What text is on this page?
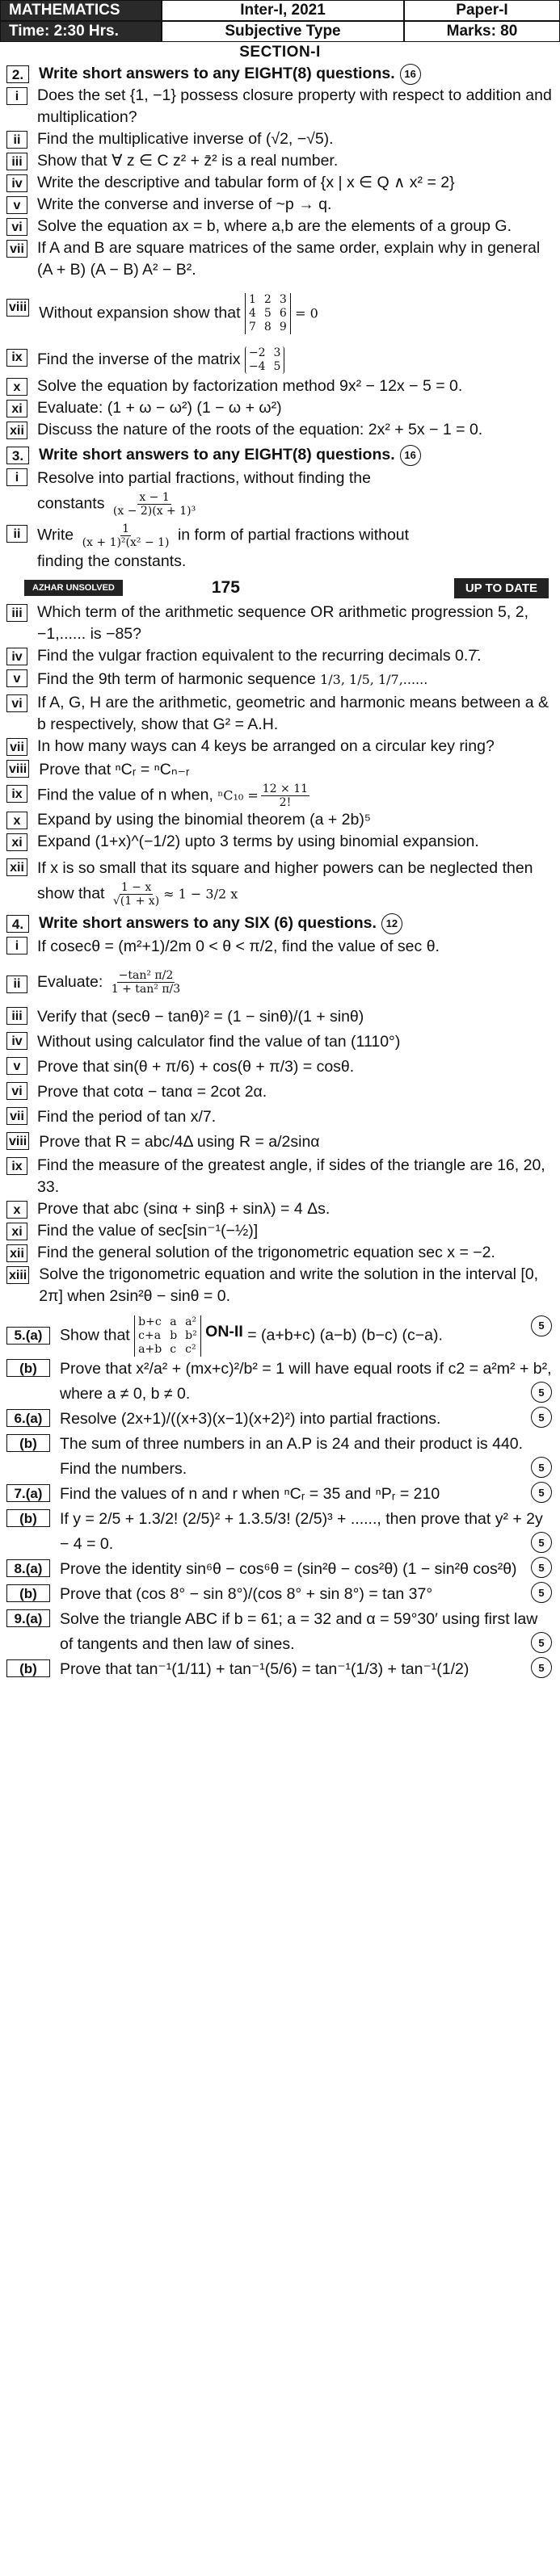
MATHEMATICS	Inter-I, 2021	Paper-I
Time: 2:30 Hrs.	Subjective Type	Marks: 80
SECTION-I
2. Write short answers to any EIGHT(8) questions. 16
i	Does the set {1, −1} possess closure property with respect to addition and multiplication?
ii	Find the multiplicative inverse of (√2, −√5).
iii Show that ∀ z ∈ C z² + z̄² is a real number.
iv Write the descriptive and tabular form of {x | x ∈ Q ∧ x² = 2}
v	Write the converse and inverse of ~p → q.
vi Solve the equation ax = b, where a,b are the elements of a group G.
vii If A and B are square matrices of the same order, explain why in general (A + B) (A − B) A² − B².
viii Without expansion show that
1 2 3
4 5 6
7 8 9
= 0
ix Find the inverse of the matrix −2 3
−4 5
x	Solve the equation by factorization method 9x² − 12x − 5 = 0.
xi Evaluate: (1 + ω − ω²) (1 − ω + ω²)
xii Discuss the nature of the roots of the equation: 2x² + 5x − 1 = 0.
3. Write short answers to any EIGHT(8) questions. 16
i	Resolve into partial fractions, without finding the
constants $\frac{x - 1}{\text{(x − 2)(x + 1)³}}$
ii	Write $\frac{1}{\text{(x + 1)²(x² − 1)}}$ in form of partial fractions without
finding the constants.
AZHAR UNSOLVED	175	UP TO DATE
iii Which term of the arithmetic sequence OR arithmetic progression 5, 2, −1,...... is −85?
iv Find the vulgar fraction equivalent to the recurring decimals 0.7̄.
v	Find the 9th term of harmonic sequence 1/3, 1/5, 1/7,......
vi If A, G, H are the arithmetic, geometric and harmonic means between a & b respectively, show that G² = A.H.
vii In how many ways can 4 keys be arranged on a circular key ring?
viii Prove that ⁿCᵣ = ⁿCₙ₋ᵣ
ix Find the value of n when, $^nC_{10} = \frac{12 \times 11}{2!}$
x	Expand by using the binomial theorem (a + 2b)⁵
xi Expand (1+x)^(−1/2) upto 3 terms by using binomial expansion.
xii If x is so small that its square and higher powers can be neglected then show that $\frac{1 - x}{√(1 + x)} \approx 1 - 3/2$ x
4. Write short answers to any SIX (6) questions. 12
i	If cosecθ = (m²+1)/2m 0 < θ < π/2, find the value of sec θ.
ii	Evaluate: $\frac{\text{−tan² π/2}}{\text{1 + tan² π/3}}$
iii Verify that (secθ − tanθ)² = (1 − sinθ)/(1 + sinθ)
iv Without using calculator find the value of tan (1110°)
v	Prove that sin(θ + π/6) + cos(θ + π/3) = cosθ.
vi Prove that cotα − tanα = 2cot 2α.
vii Find the period of tan x/7.
viii Prove that R = abc/4Δ using R = a/2sinα
ix Find the measure of the greatest angle, if sides of the triangle are 16, 20, 33.
x	Prove that abc (sinα + sinβ + sinλ) = 4 Δs.
xi Find the value of sec[sin⁻¹(−½)]
xii Find the general solution of the trigonometric equation sec x = −2.
xiii Solve the trigonometric equation and write the solution in the interval [0, 2π] when 2sin²θ − sinθ = 0.
5.(a)	Show that
b+c a a²
c+a b b²
a+b c c²
ON-II = (a+b+c) (a−b) (b−c) (c−a).
5
(b)	Prove that x²/a² + (mx+c)²/b² = 1 will have equal roots if c2 = a²m² + b², where a ≠ 0, b ≠ 0.	5
6.(a)	Resolve (2x+1)/((x+3)(x−1)(x+2)²) into partial fractions.	5
(b)	The sum of three numbers in an A.P is 24 and their product is 440. Find the numbers.	5
7.(a)	Find the values of n and r when ⁿCᵣ = 35 and ⁿPᵣ = 210	5
(b)	If y = 2/5 + 1.3/2! (2/5)² + 1.3.5/3! (2/5)³ + ......, then prove that y² + 2y − 4 = 0.	5
8.(a)	Prove the identity sin⁶θ − cos⁶θ = (sin²θ − cos²θ) (1 − sin²θ cos²θ)	5
(b)	Prove that (cos 8° − sin 8°)/(cos 8° + sin 8°) = tan 37°	5
9.(a)	Solve the triangle ABC if b = 61; a = 32 and α = 59°30′ using first law of tangents and then law of sines.	5
(b)	Prove that tan⁻¹(1/11) + tan⁻¹(5/6) = tan⁻¹(1/3) + tan⁻¹(1/2)	5
